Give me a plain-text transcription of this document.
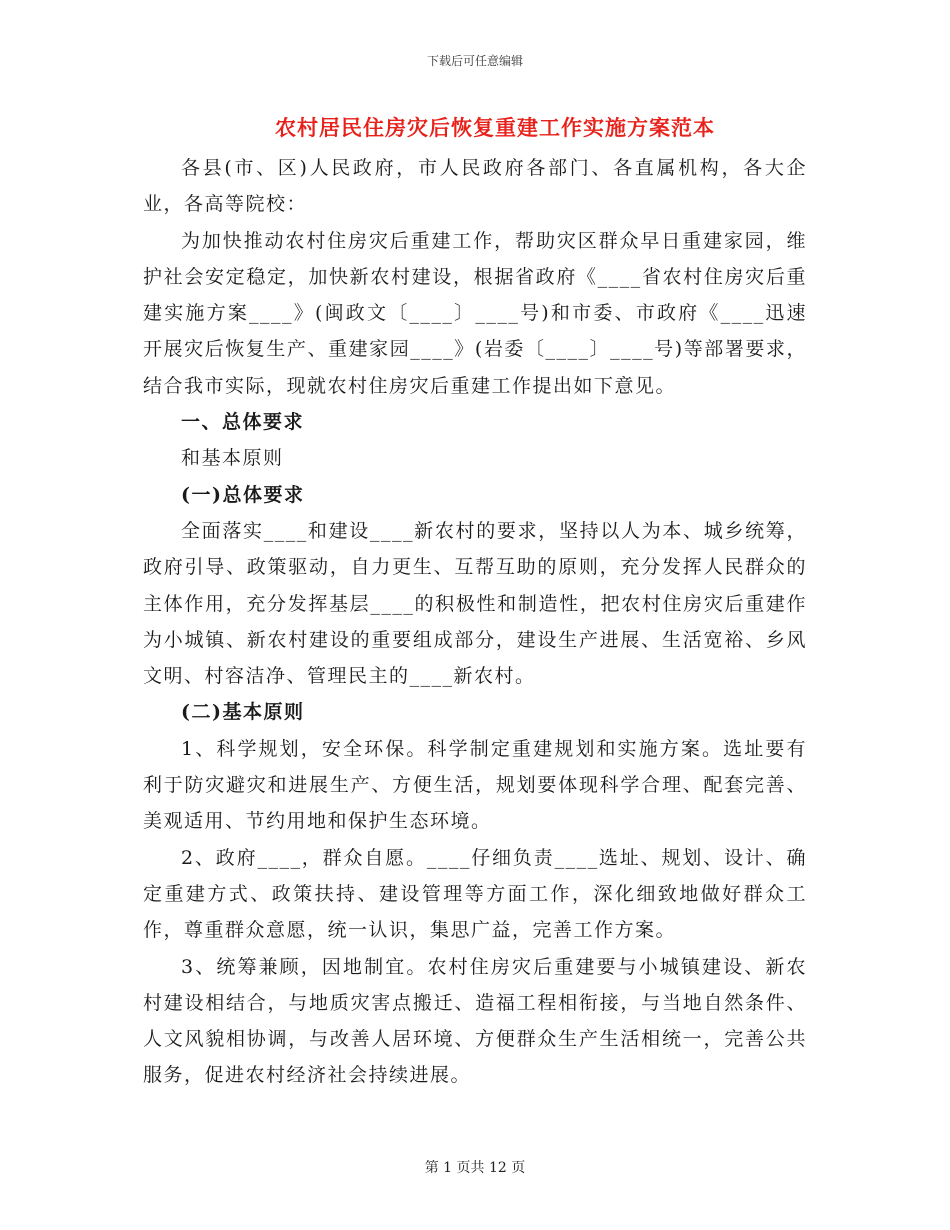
下载后可任意编辑
农村居民住房灾后恢复重建工作实施方案范本

各县(市、区)人民政府，市人民政府各部门、各直属机构，各大企业，各高等院校：

为加快推动农村住房灾后重建工作，帮助灾区群众早日重建家园，维护社会安定稳定，加快新农村建设，根据省政府《____省农村住房灾后重建实施方案____》(闽政文〔____〕____号)和市委、市政府《____迅速开展灾后恢复生产、重建家园____》(岩委〔____〕____号)等部署要求，结合我市实际，现就农村住房灾后重建工作提出如下意见。

一、总体要求

和基本原则

(一)总体要求

全面落实____和建设____新农村的要求，坚持以人为本、城乡统筹，政府引导、政策驱动，自力更生、互帮互助的原则，充分发挥人民群众的主体作用，充分发挥基层____的积极性和制造性，把农村住房灾后重建作为小城镇、新农村建设的重要组成部分，建设生产进展、生活宽裕、乡风文明、村容洁净、管理民主的____新农村。

(二)基本原则

1、科学规划，安全环保。科学制定重建规划和实施方案。选址要有利于防灾避灾和进展生产、方便生活，规划要体现科学合理、配套完善、美观适用、节约用地和保护生态环境。

2、政府____，群众自愿。____仔细负责____选址、规划、设计、确定重建方式、政策扶持、建设管理等方面工作，深化细致地做好群众工作，尊重群众意愿，统一认识，集思广益，完善工作方案。

3、统筹兼顾，因地制宜。农村住房灾后重建要与小城镇建设、新农村建设相结合，与地质灾害点搬迁、造福工程相衔接，与当地自然条件、人文风貌相协调，与改善人居环境、方便群众生产生活相统一，完善公共服务，促进农村经济社会持续进展。

第 1 页共 12 页
